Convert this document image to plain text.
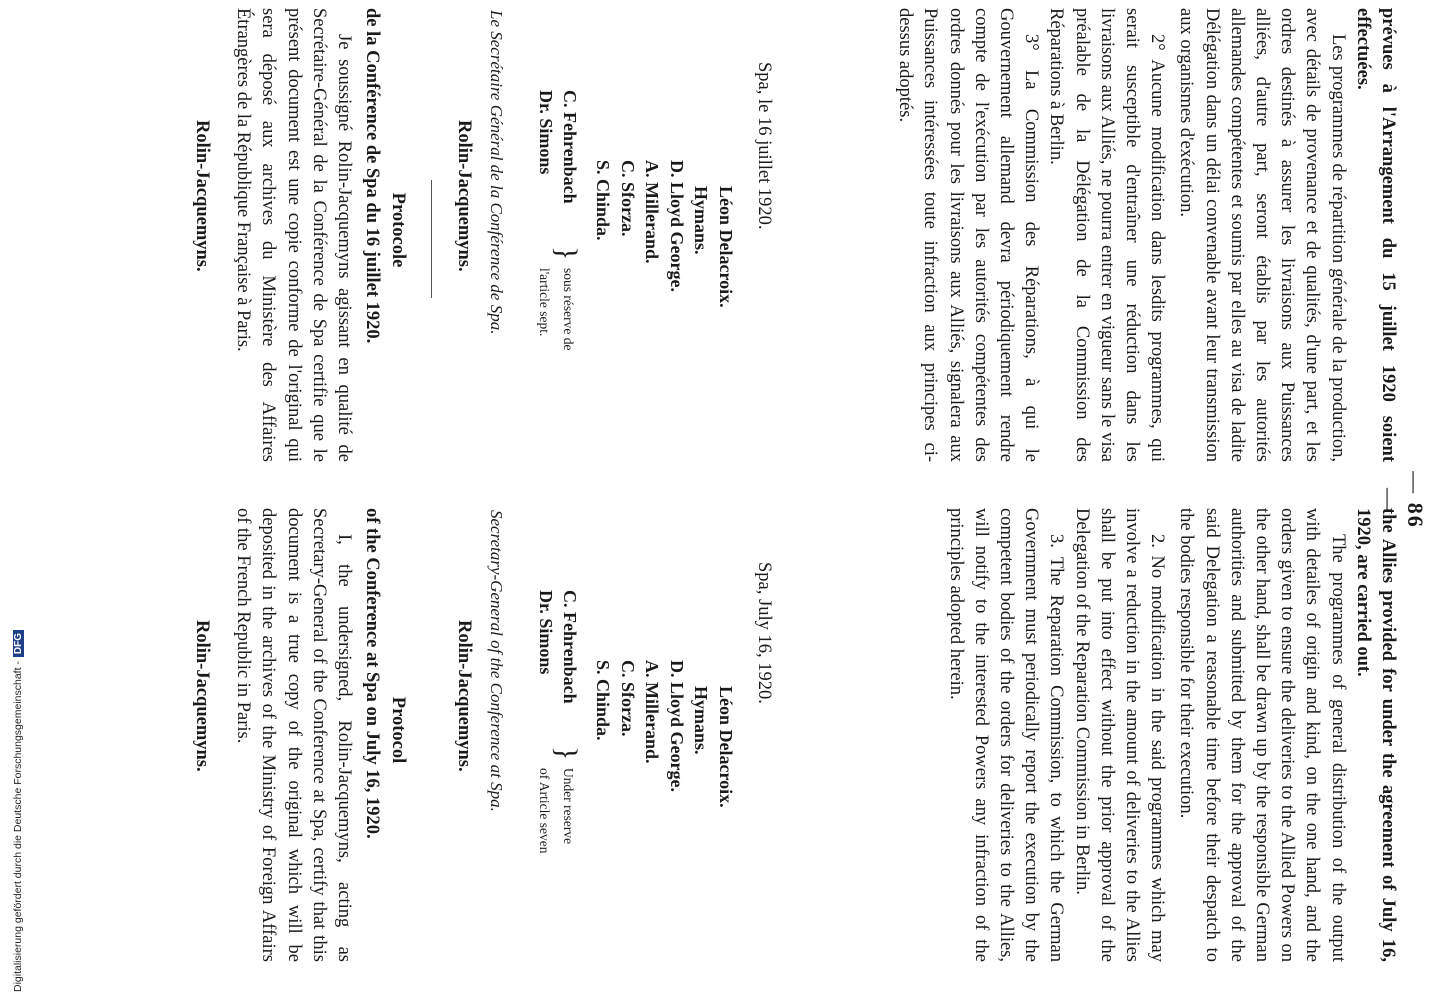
— 86 —

prévues à l'Arrangement du 15 juillet 1920 soient effectuées.

Les programmes de répartition générale de la production, avec détails de provenance et de qualités, d'une part, et les ordres destinés à assurer les livraisons aux Puissances alliées, d'autre part, seront établis par les autorités allemandes compétentes et soumis par elles au visa de ladite Délégation dans un délai convenable avant leur transmission aux organismes d'exécution.

2° Aucune modification dans lesdits programmes, qui serait susceptible d'entraîner une réduction dans les livraisons aux Alliés, ne pourra entrer en vigueur sans le visa préalable de la Délégation de la Commission des Réparations à Berlin.

3° La Commission des Réparations, à qui le Gouvernement allemand devra périodiquement rendre compte de l'exécution par les autorités compétentes des ordres donnés pour les livraisons aux Alliés, signalera aux Puissances intéressées toute infraction aux principes ci-dessus adoptés.

Spa, le 16 juillet 1920.
Léon Delacroix.
Hymans.
D. Lloyd George.
A. Millerand.
C. Sforza.
S. Chinda.
C. Fehrenbach
Dr. Simons
}
sous réserve de
l'article sept.
Le Secrétaire Général de la Conférence de Spa.
Rolin-Jacquemyns.
Protocole
de la Conférence de Spa du 16 juillet 1920.

Je soussigné Rolin-Jacquemyns agissant en qualité de Secrétaire-Général de la Conférence de Spa certifie que le présent document est une copie conforme de l'original qui sera déposé aux archives du Ministère des Affaires Étrangères de la République Française à Paris.

Rolin-Jacquemyns.

the Allies provided for under the agreement of July 16, 1920, are carried out.

The programmes of general distribution of the output with detailes of origin and kind, on the one hand, and the orders given to ensure the deliveries to the Allied Powers on the other hand, shall be drawn up by the responsible German authorities and submitted by them for the approval of the said Delegation a reasonable time before their despatch to the bodies responsible for their execution.

2. No modification in the said programmes which may involve a reduction in the amount of deliveries to the Allies shall be put into effect without the prior approval of the Delegation of the Reparation Commission in Berlin.

3. The Reparation Commission, to which the German Government must periodically report the execution by the competent bodies of the orders for deliveries to the Allies, will notify to the interested Powers any infraction of the principles adopted herein.

Spa, July 16, 1920.
Léon Delacroix.
Hymans.
D. Lloyd George.
A. Millerand.
C. Sforza.
S. Chinda.
C. Fehrenbach
Dr. Simons
}
Under reserve
of Article seven
Secretary-General of the Conference at Spa.
Rolin-Jacquemyns.
Protocol
of the Conference at Spa on July 16, 1920.

I, the undersigned, Rolin-Jacquemyns, acting as Secretary-General of the Conference at Spa, certify that this document is a true copy of the original which will be deposited in the archives of the Ministry of Foreign Affairs of the French Republic in Paris.

Rolin-Jacquemyns.
Digitalisierung gefördert durch die Deutsche Forschungsgemeinschaft -DFG
